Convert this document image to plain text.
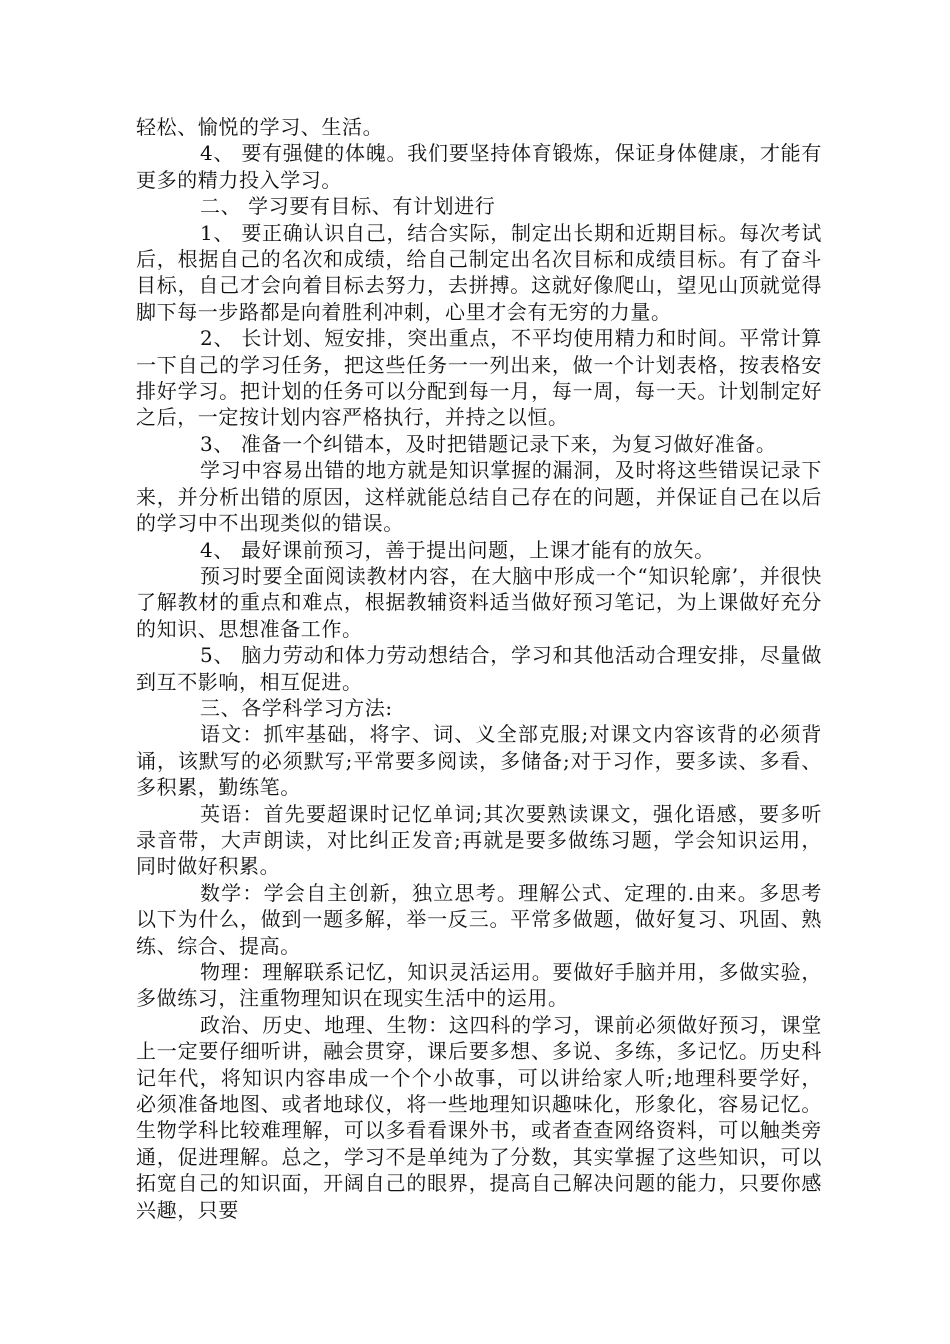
轻松、愉悦的学习、生活。

4、 要有强健的体魄。我们要坚持体育锻炼，保证身体健康，才能有更多的精力投入学习。

二、 学习要有目标、有计划进行

1、 要正确认识自己，结合实际，制定出长期和近期目标。每次考试后，根据自己的名次和成绩，给自己制定出名次目标和成绩目标。有了奋斗目标，自己才会向着目标去努力，去拼搏。这就好像爬山，望见山顶就觉得脚下每一步路都是向着胜利冲刺，心里才会有无穷的力量。

2、 长计划、短安排，突出重点，不平均使用精力和时间。平常计算一下自己的学习任务，把这些任务一一列出来，做一个计划表格，按表格安排好学习。把计划的任务可以分配到每一月，每一周，每一天。计划制定好之后，一定按计划内容严格执行，并持之以恒。

3、 准备一个纠错本，及时把错题记录下来，为复习做好准备。

学习中容易出错的地方就是知识掌握的漏洞，及时将这些错误记录下来，并分析出错的原因，这样就能总结自己存在的问题，并保证自己在以后的学习中不出现类似的错误。

4、 最好课前预习，善于提出问题，上课才能有的放矢。

预习时要全面阅读教材内容，在大脑中形成一个“知识轮廓’，并很快了解教材的重点和难点，根据教辅资料适当做好预习笔记，为上课做好充分的知识、思想准备工作。

5、 脑力劳动和体力劳动想结合，学习和其他活动合理安排，尽量做到互不影响，相互促进。

三、各学科学习方法:

语文：抓牢基础，将字、词、义全部克服;对课文内容该背的必须背诵，该默写的必须默写;平常要多阅读，多储备;对于习作，要多读、多看、多积累，勤练笔。

英语：首先要超课时记忆单词;其次要熟读课文，强化语感，要多听录音带，大声朗读，对比纠正发音;再就是要多做练习题，学会知识运用，同时做好积累。

数学：学会自主创新，独立思考。理解公式、定理的.由来。多思考以下为什么，做到一题多解，举一反三。平常多做题，做好复习、巩固、熟练、综合、提高。

物理：理解联系记忆，知识灵活运用。要做好手脑并用，多做实验，多做练习，注重物理知识在现实生活中的运用。

政治、历史、地理、生物：这四科的学习，课前必须做好预习，课堂上一定要仔细听讲，融会贯穿，课后要多想、多说、多练，多记忆。历史科记年代，将知识内容串成一个个小故事，可以讲给家人听;地理科要学好，必须准备地图、或者地球仪，将一些地理知识趣味化，形象化，容易记忆。生物学科比较难理解，可以多看看课外书，或者查查网络资料，可以触类旁通，促进理解。总之，学习不是单纯为了分数，其实掌握了这些知识，可以拓宽自己的知识面，开阔自己的眼界，提高自己解决问题的能力，只要你感兴趣，只要
